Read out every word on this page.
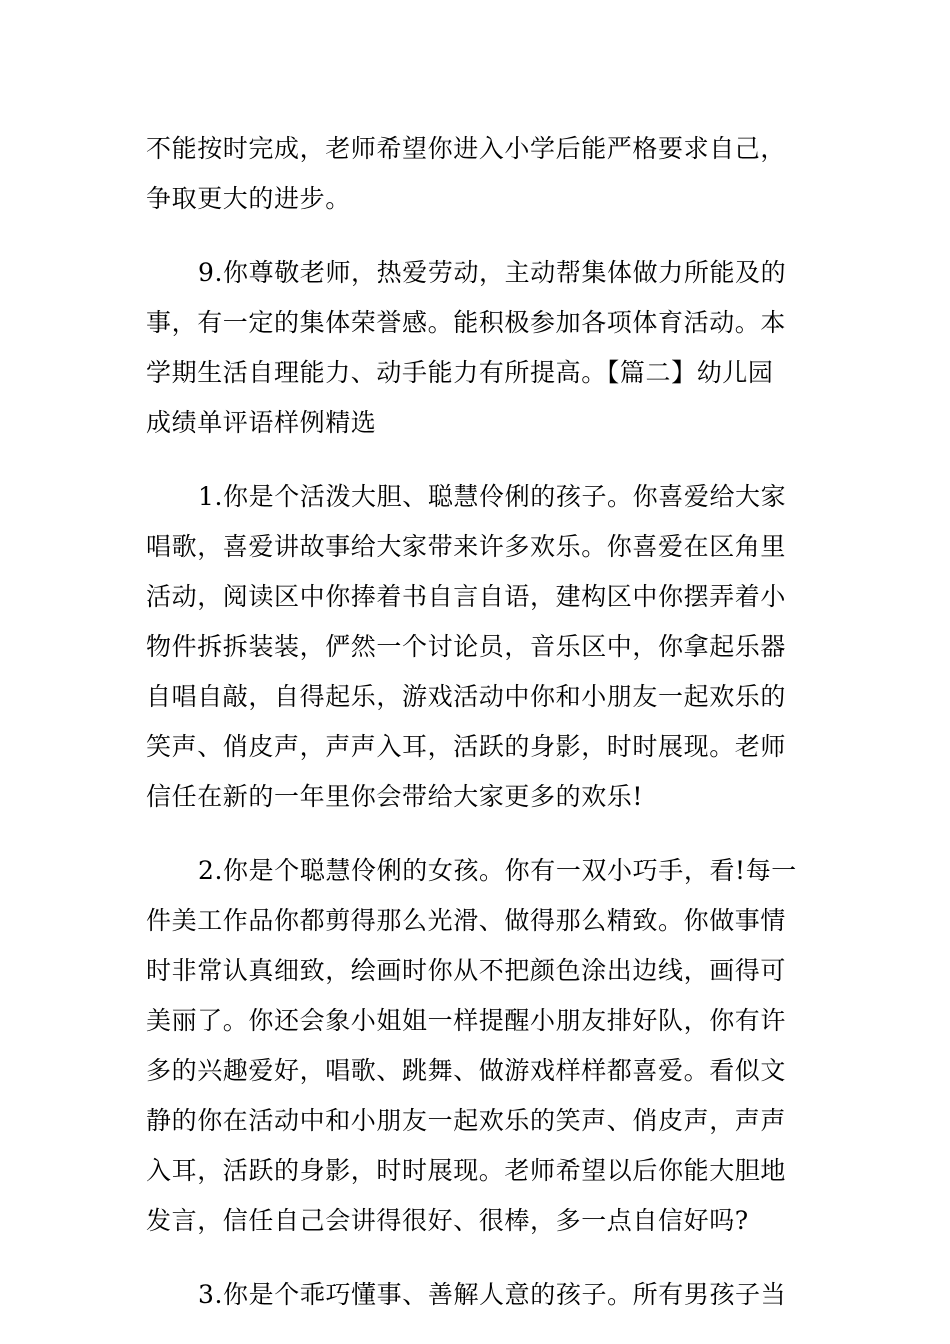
不能按时完成，老师希望你进入小学后能严格要求自己，
争取更大的进步。
9.你尊敬老师，热爱劳动，主动帮集体做力所能及的
事，有一定的集体荣誉感。能积极参加各项体育活动。本
学期生活自理能力、动手能力有所提高。【篇二】幼儿园
成绩单评语样例精选
1.你是个活泼大胆、聪慧伶俐的孩子。你喜爱给大家
唱歌，喜爱讲故事给大家带来许多欢乐。你喜爱在区角里
活动，阅读区中你捧着书自言自语，建构区中你摆弄着小
物件拆拆装装，俨然一个讨论员，音乐区中，你拿起乐器
自唱自敲，自得起乐，游戏活动中你和小朋友一起欢乐的
笑声、俏皮声，声声入耳，活跃的身影，时时展现。老师
信任在新的一年里你会带给大家更多的欢乐!
2.你是个聪慧伶俐的女孩。你有一双小巧手，看!每一
件美工作品你都剪得那么光滑、做得那么精致。你做事情
时非常认真细致，绘画时你从不把颜色涂出边线，画得可
美丽了。你还会象小姐姐一样提醒小朋友排好队，你有许
多的兴趣爱好，唱歌、跳舞、做游戏样样都喜爱。看似文
静的你在活动中和小朋友一起欢乐的笑声、俏皮声，声声
入耳，活跃的身影，时时展现。老师希望以后你能大胆地
发言，信任自己会讲得很好、很棒，多一点自信好吗?
3.你是个乖巧懂事、善解人意的孩子。所有男孩子当
